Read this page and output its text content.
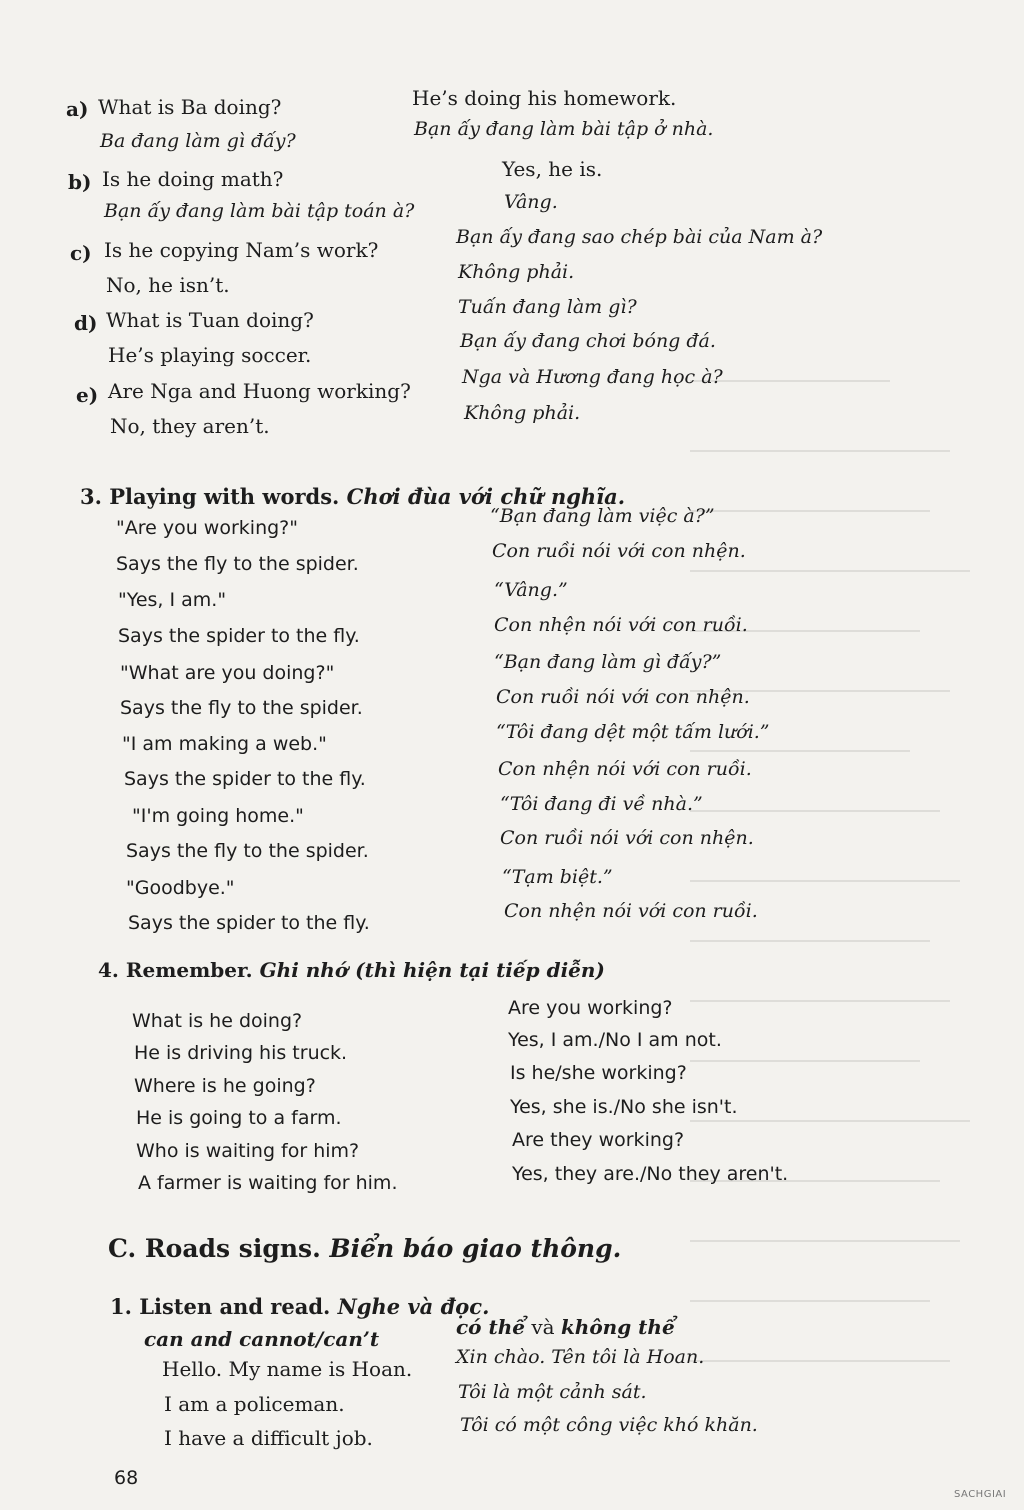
a) What is Ba doing?
Ba đang làm gì đấy?
He’s doing his homework.
Bạn ấy đang làm bài tập ở nhà.
b) Is he doing math?
Bạn ấy đang làm bài tập toán à?
Yes, he is.
Vâng.
c) Is he copying Nam’s work?
No, he isn’t.
Bạn ấy đang sao chép bài của Nam à?
Không phải.
d) What is Tuan doing?
He’s playing soccer.
Tuấn đang làm gì?
Bạn ấy đang chơi bóng đá.
e) Are Nga and Huong working?
No, they aren’t.
Nga và Hương đang học à?
Không phải.
3. Playing with words. Chơi đùa với chữ nghĩa.
"Are you working?"
Says the fly to the spider.
"Yes, I am."
Says the spider to the fly.
"What are you doing?"
Says the fly to the spider.
"I am making a web."
Says the spider to the fly.
"I'm going home."
Says the fly to the spider.
"Goodbye."
Says the spider to the fly.
“Bạn đang làm việc à?”
Con ruồi nói với con nhện.
“Vâng.”
Con nhện nói với con ruồi.
“Bạn đang làm gì đấy?”
Con ruồi nói với con nhện.
“Tôi đang dệt một tấm lưới.”
Con nhện nói với con ruồi.
“Tôi đang đi về nhà.”
Con ruồi nói với con nhện.
“Tạm biệt.”
Con nhện nói với con ruồi.
4. Remember. Ghi nhớ (thì hiện tại tiếp diễn)
What is he doing?
He is driving his truck.
Where is he going?
He is going to a farm.
Who is waiting for him?
A farmer is waiting for him.
Are you working?
Yes, I am./No I am not.
Is he/she working?
Yes, she is./No she isn't.
Are they working?
Yes, they are./No they aren't.
C. Roads signs. Biển báo giao thông.
1. Listen and read. Nghe và đọc.
can and cannot/can’t	có thể và không thể
Hello. My name is Hoan.
I am a policeman.
I have a difficult job.
Xin chào. Tên tôi là Hoan.
Tôi là một cảnh sát.
Tôi có một công việc khó khăn.
68
SACHGIAI
